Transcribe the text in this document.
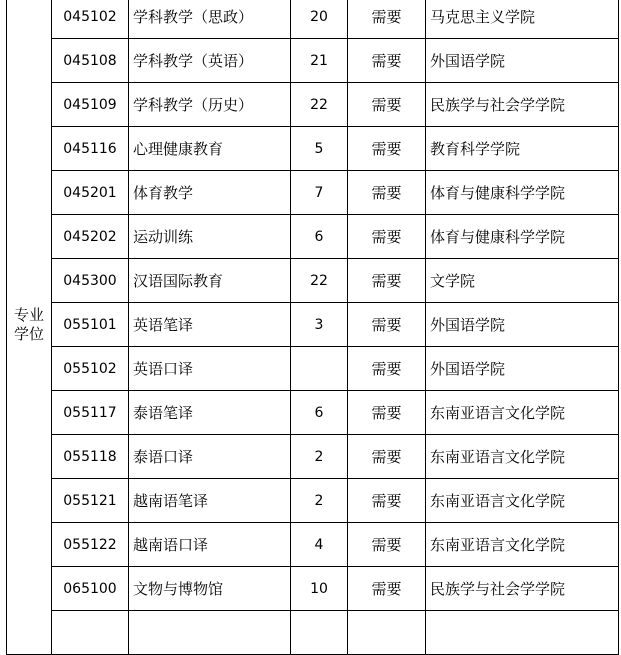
专业学位	045102	学科教学（思政）	20	需要	马克思主义学院
	045108	学科教学（英语）	21	需要	外国语学院
	045109	学科教学（历史）	22	需要	民族学与社会学学院
	045116	心理健康教育	5	需要	教育科学学院
	045201	体育教学	7	需要	体育与健康科学学院
	045202	运动训练	6	需要	体育与健康科学学院
	045300	汉语国际教育	22	需要	文学院
	055101	英语笔译	3	需要	外国语学院
	055102	英语口译		需要	外国语学院
	055117	泰语笔译	6	需要	东南亚语言文化学院
	055118	泰语口译	2	需要	东南亚语言文化学院
	055121	越南语笔译	2	需要	东南亚语言文化学院
	055122	越南语口译	4	需要	东南亚语言文化学院
	065100	文物与博物馆	10	需要	民族学与社会学学院
